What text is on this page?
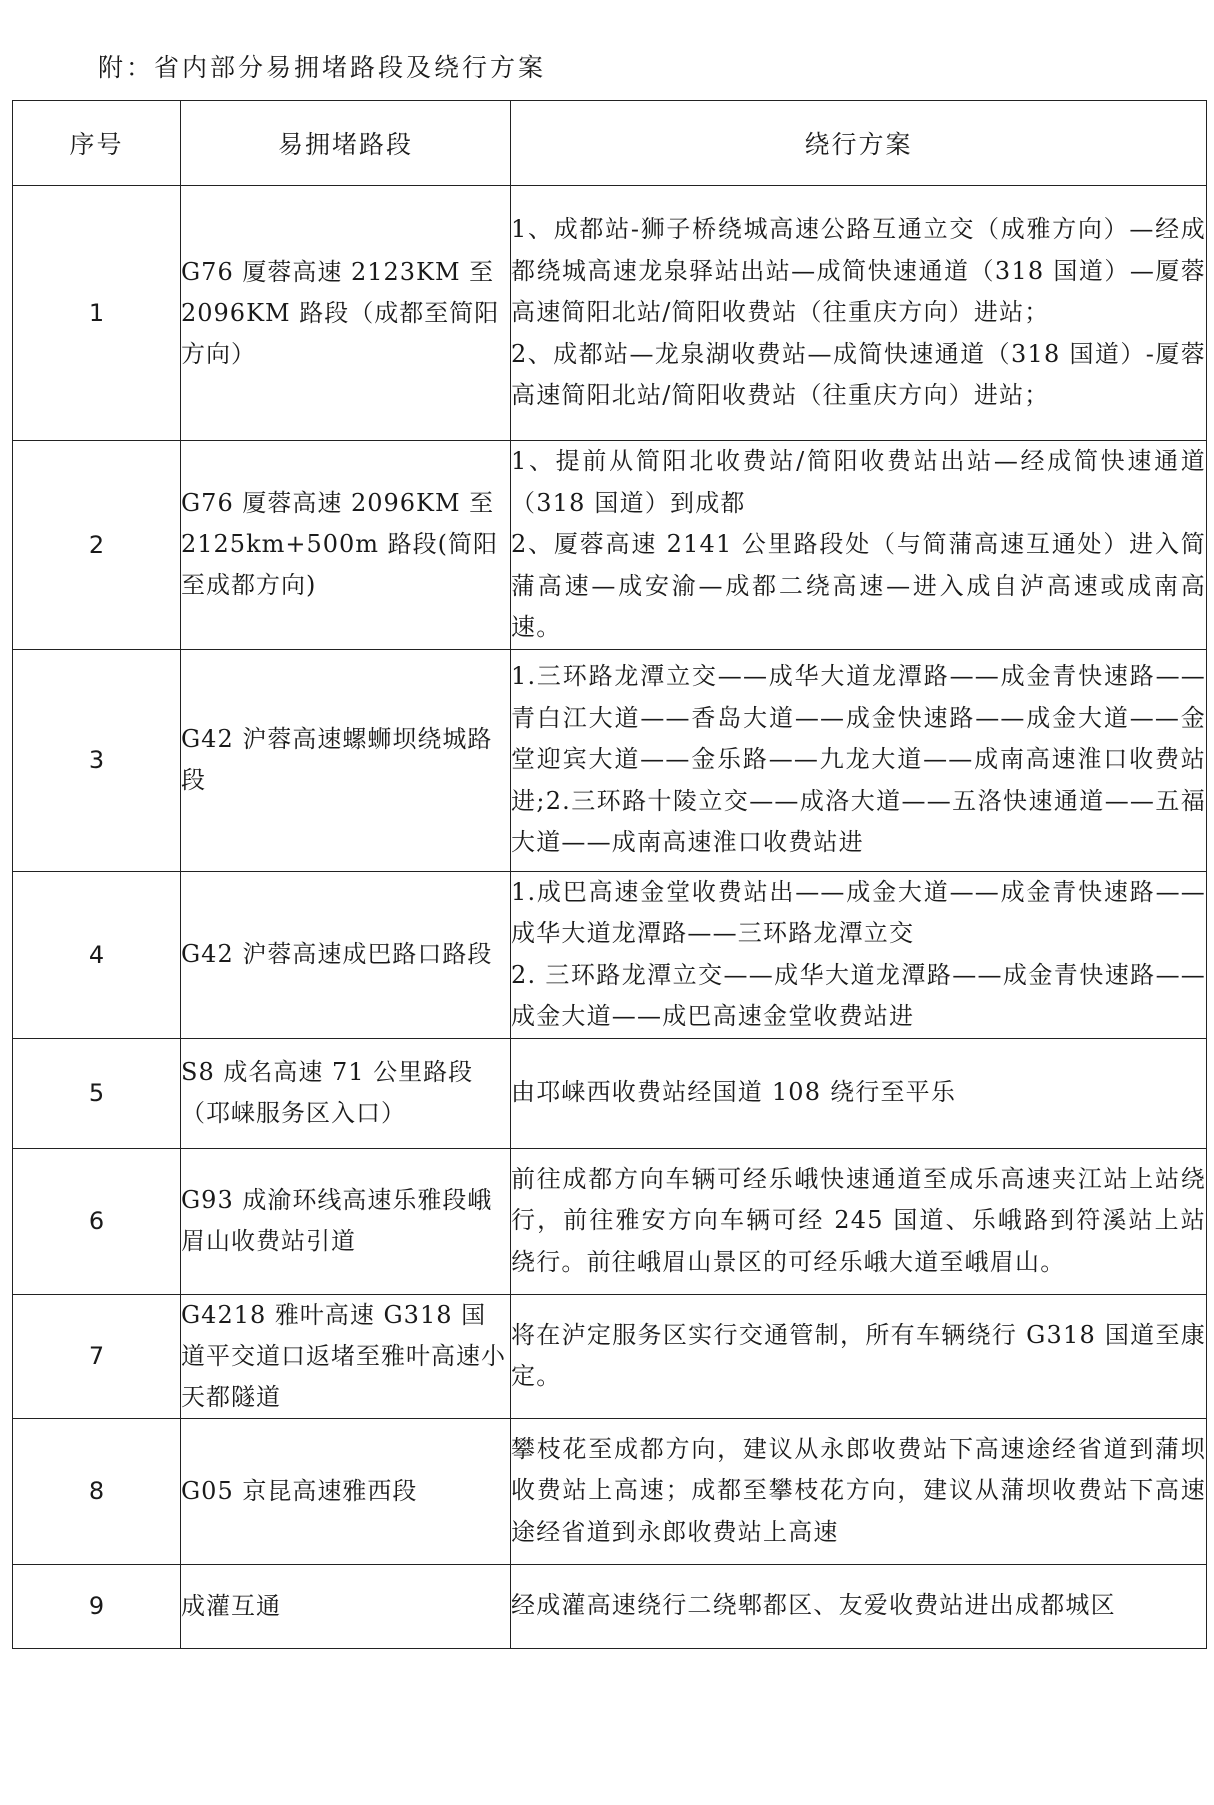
附：省内部分易拥堵路段及绕行方案
序号	易拥堵路段	绕行方案
1	G76 厦蓉高速 2123KM 至 2096KM 路段（成都至简阳方向）	1、成都站-狮子桥绕城高速公路互通立交（成雅方向）—经成都绕城高速龙泉驿站出站—成简快速通道（318 国道）—厦蓉高速简阳北站/简阳收费站（往重庆方向）进站；
2、成都站—龙泉湖收费站—成简快速通道（318 国道）-厦蓉高速简阳北站/简阳收费站（往重庆方向）进站；

2	G76 厦蓉高速 2096KM 至 2125km+500m 路段(简阳至成都方向)	1、提前从简阳北收费站/简阳收费站出站—经成简快速通道（318 国道）到成都
2、厦蓉高速 2141 公里路段处（与简蒲高速互通处）进入简蒲高速—成安渝—成都二绕高速—进入成自泸高速或成南高速。

3	G42 沪蓉高速螺蛳坝绕城路段	1.三环路龙潭立交——成华大道龙潭路——成金青快速路——青白江大道——香岛大道——成金快速路——成金大道——金堂迎宾大道——金乐路——九龙大道——成南高速淮口收费站进;2.三环路十陵立交——成洛大道——五洛快速通道——五福大道——成南高速淮口收费站进

4	G42 沪蓉高速成巴路口路段	1.成巴高速金堂收费站出——成金大道——成金青快速路——成华大道龙潭路——三环路龙潭立交
2. 三环路龙潭立交——成华大道龙潭路——成金青快速路——成金大道——成巴高速金堂收费站进

5	S8 成名高速 71 公里路段（邛崃服务区入口）	由邛崃西收费站经国道 108 绕行至平乐

6	G93 成渝环线高速乐雅段峨眉山收费站引道	前往成都方向车辆可经乐峨快速通道至成乐高速夹江站上站绕行，前往雅安方向车辆可经 245 国道、乐峨路到符溪站上站绕行。前往峨眉山景区的可经乐峨大道至峨眉山。

7	G4218 雅叶高速 G318 国道平交道口返堵至雅叶高速小天都隧道	将在泸定服务区实行交通管制，所有车辆绕行 G318 国道至康定。

8	G05 京昆高速雅西段	攀枝花至成都方向，建议从永郎收费站下高速途经省道到蒲坝收费站上高速；成都至攀枝花方向，建议从蒲坝收费站下高速途经省道到永郎收费站上高速

9	成灌互通	经成灌高速绕行二绕郫都区、友爱收费站进出成都城区
